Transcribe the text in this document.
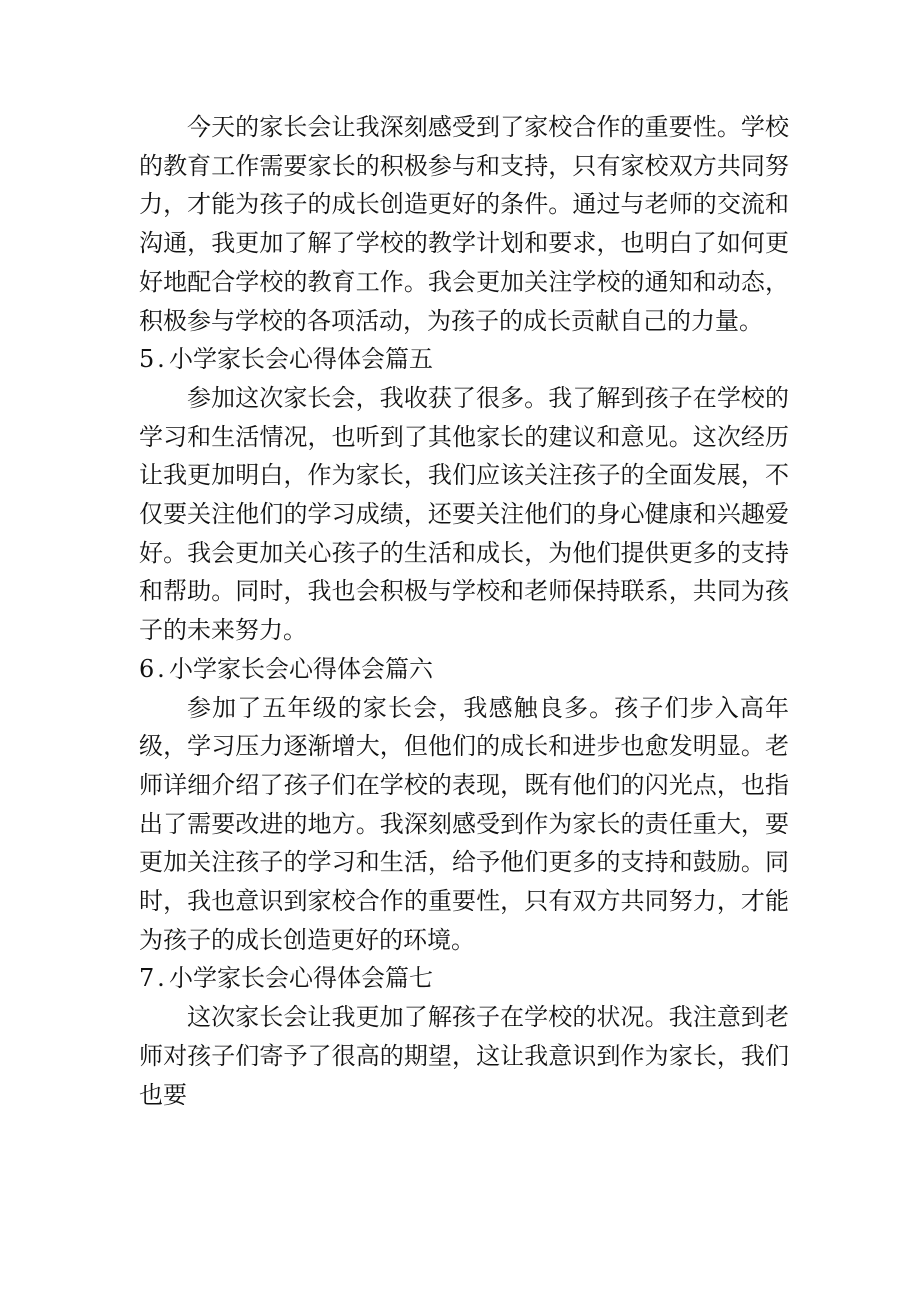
今天的家长会让我深刻感受到了家校合作的重要性。学校的教育工作需要家长的积极参与和支持，只有家校双方共同努力，才能为孩子的成长创造更好的条件。通过与老师的交流和沟通，我更加了解了学校的教学计划和要求，也明白了如何更好地配合学校的教育工作。我会更加关注学校的通知和动态，积极参与学校的各项活动，为孩子的成长贡献自己的力量。

5 . 小学家长会心得体会篇五

参加这次家长会，我收获了很多。我了解到孩子在学校的学习和生活情况，也听到了其他家长的建议和意见。这次经历让我更加明白，作为家长，我们应该关注孩子的全面发展，不仅要关注他们的学习成绩，还要关注他们的身心健康和兴趣爱好。我会更加关心孩子的生活和成长，为他们提供更多的支持和帮助。同时，我也会积极与学校和老师保持联系，共同为孩子的未来努力。

6 . 小学家长会心得体会篇六

参加了五年级的家长会，我感触良多。孩子们步入高年级，学习压力逐渐增大，但他们的成长和进步也愈发明显。老师详细介绍了孩子们在学校的表现，既有他们的闪光点，也指出了需要改进的地方。我深刻感受到作为家长的责任重大，要更加关注孩子的学习和生活，给予他们更多的支持和鼓励。同时，我也意识到家校合作的重要性，只有双方共同努力，才能为孩子的成长创造更好的环境。

7 . 小学家长会心得体会篇七

这次家长会让我更加了解孩子在学校的状况。我注意到老师对孩子们寄予了很高的期望，这让我意识到作为家长，我们也要
